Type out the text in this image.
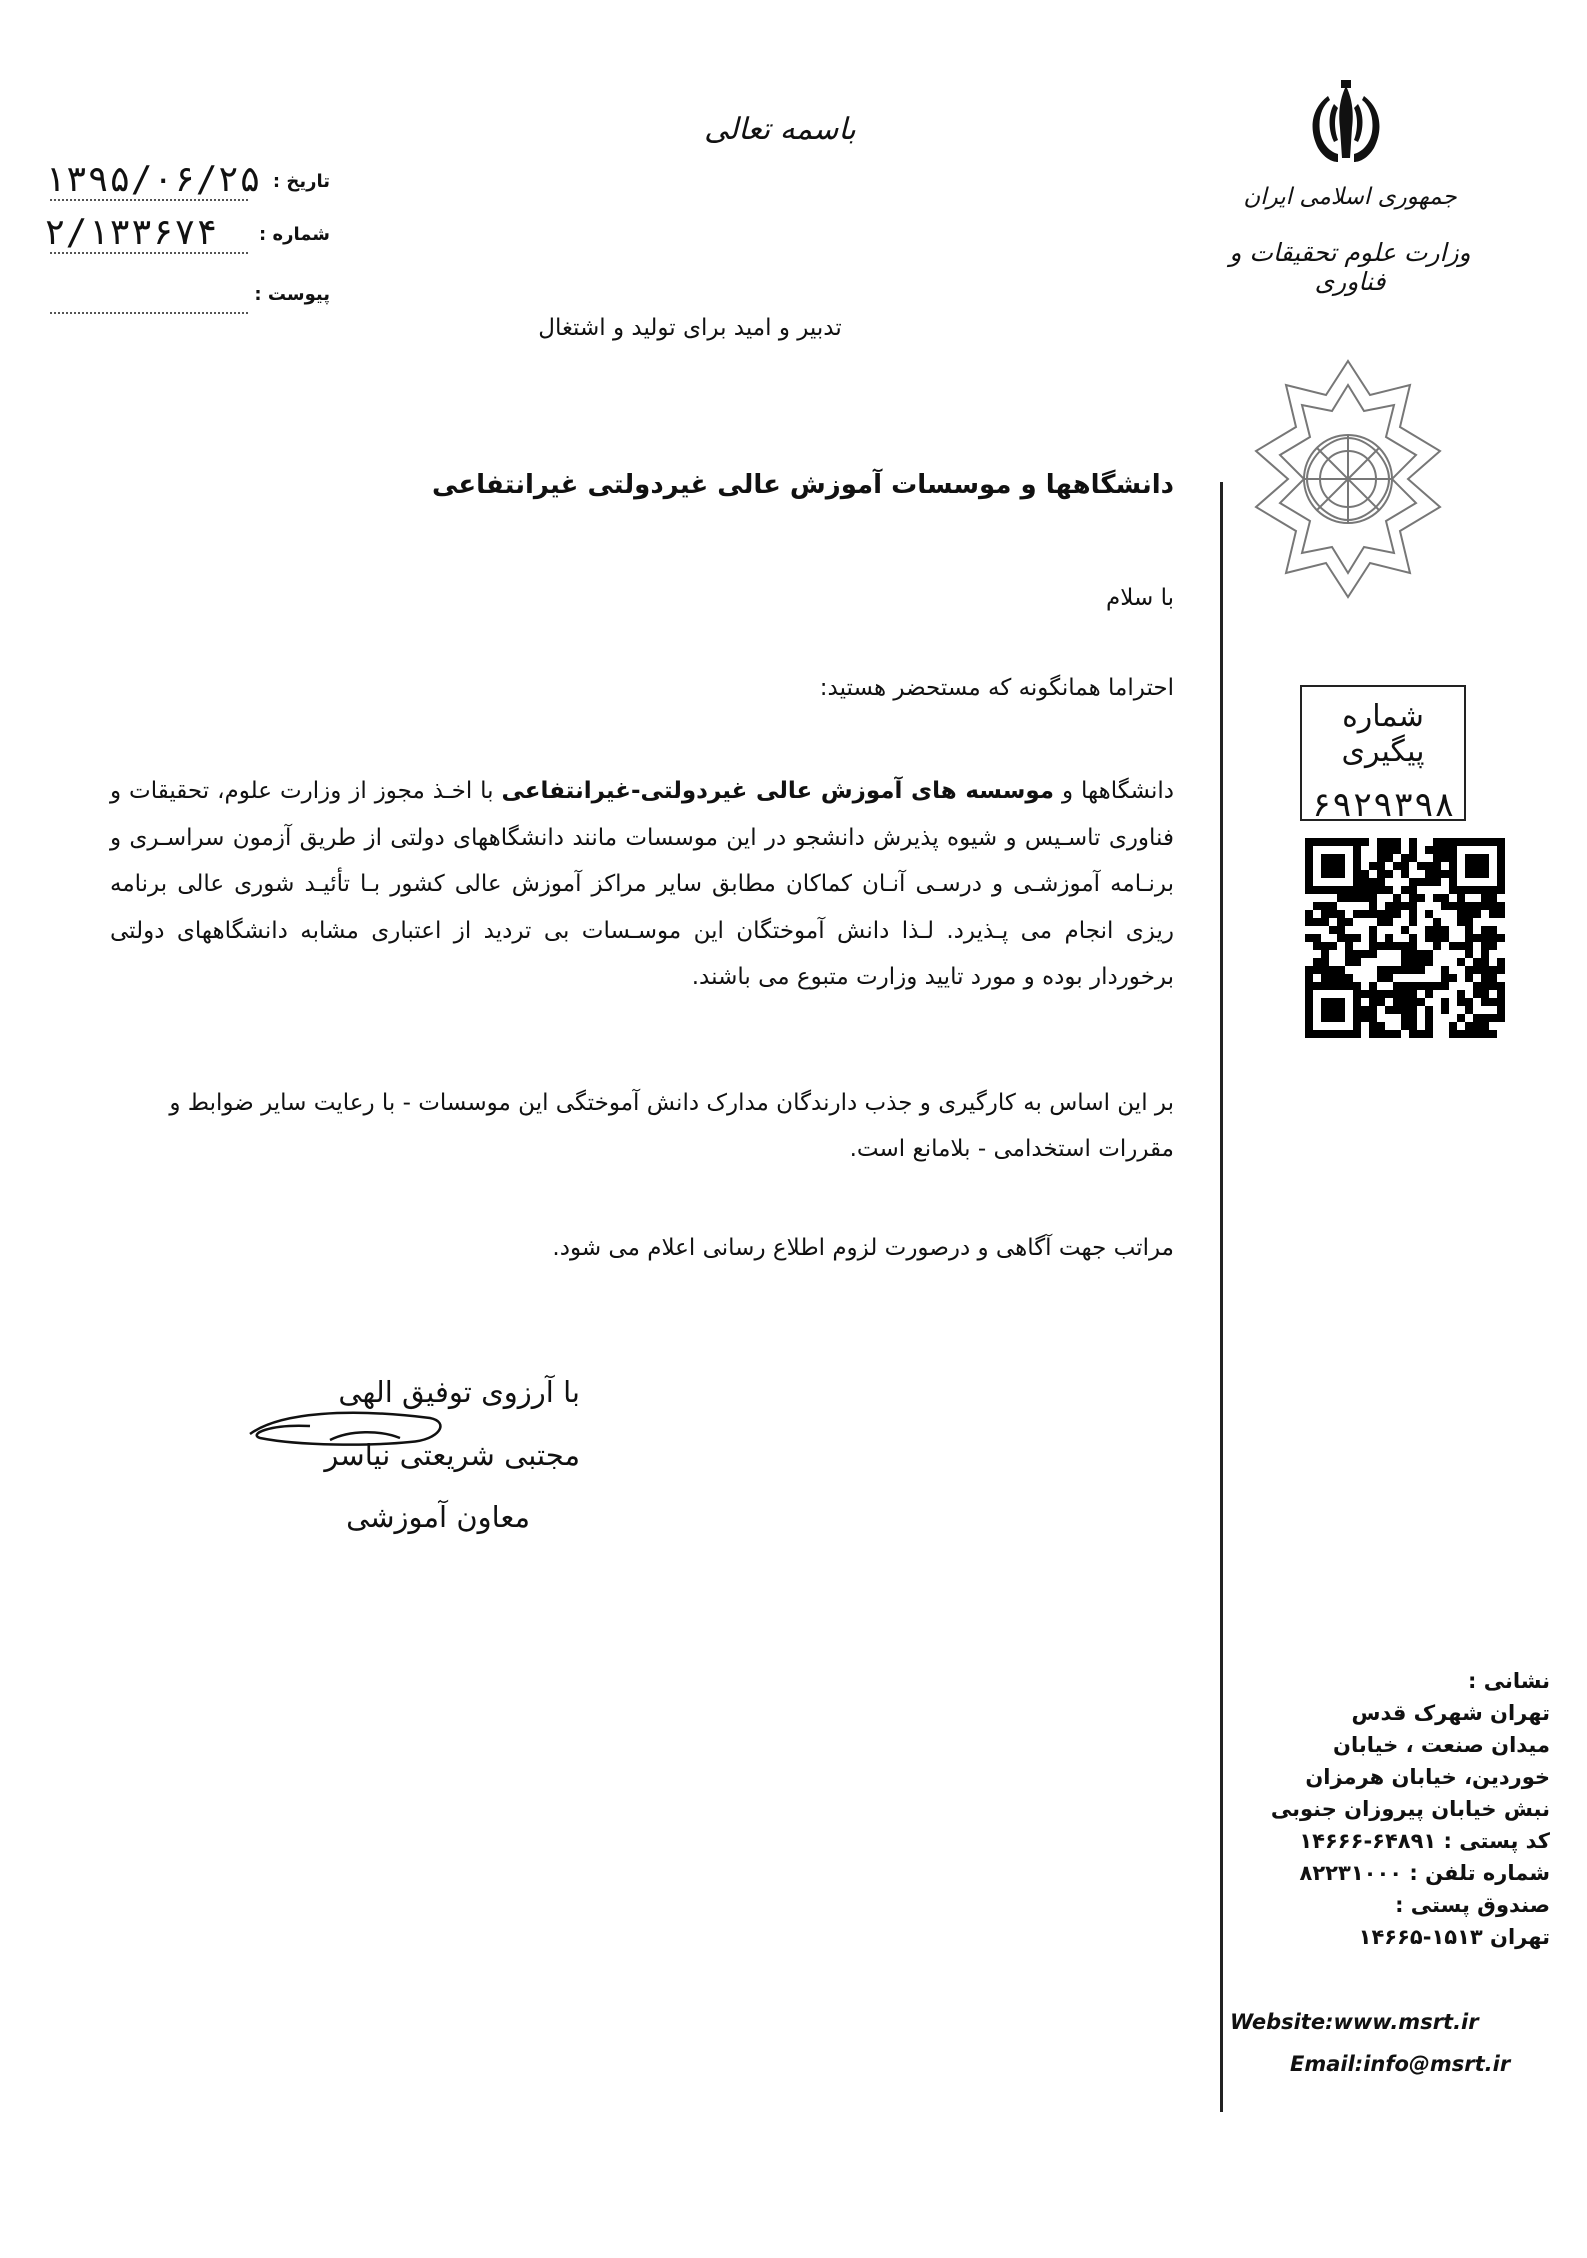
باسمه تعالی
تدبیر و امید برای تولید و اشتغال
تاریخ :
۱۳۹۵/۰۶/۲۵
شماره :
۲/۱۳۳۶۷۴
پیوست :
جمهوری اسلامی ایران
وزارت علوم تحقیقات و فناوری
شماره پیگیری
۶۹۲۹۳۹۸
دانشگاهها و موسسات آموزش عالی غیردولتی غیرانتفاعی
با سلام
احتراما همانگونه که مستحضر هستید:
دانشگاهها و موسسه های آموزش عالی غیردولتی-غیرانتفاعی با اخـذ مجوز از وزارت علوم، تحقیقات و فناوری تاسـیس و شیوه پذیرش دانشجو در این موسسات مانند دانشگاههای دولتی از طریق آزمون سراسـری و برنـامه آموزشـی و درسـی آنـان کماکان مطابق سایر مراکز آموزش عالی کشور بـا تأئیـد شوری عالی برنامه ریزی انجام می پـذیرد. لـذا دانش آموختگان این موسـسات بی تردید از اعتباری مشابه دانشگاههای دولتی برخوردار بوده و مورد تایید وزارت متبوع می باشند.
بر این اساس به کارگیری و جذب دارندگان مدارک دانش آموختگی این موسسات - با رعایت سایر ضوابط و مقررات استخدامی - بلامانع است.
مراتب جهت آگاهی و درصورت لزوم اطلاع رسانی اعلام می شود.
با آرزوی توفیق الهی
مجتبی شریعتی نیاسر
معاون آموزشی
نشانی :
تهران شهرک قدس
میدان صنعت ، خیابان
خوردین، خیابان هرمزان
نبش خیابان پیروزان جنوبی
کد پستی : ۶۴۸۹۱-۱۴۶۶۶
شماره تلفن : ۸۲۲۳۱۰۰۰
صندوق پستی :
تهران ۱۵۱۳-۱۴۶۶۵
Website:www.msrt.ir
Email:info@msrt.ir
